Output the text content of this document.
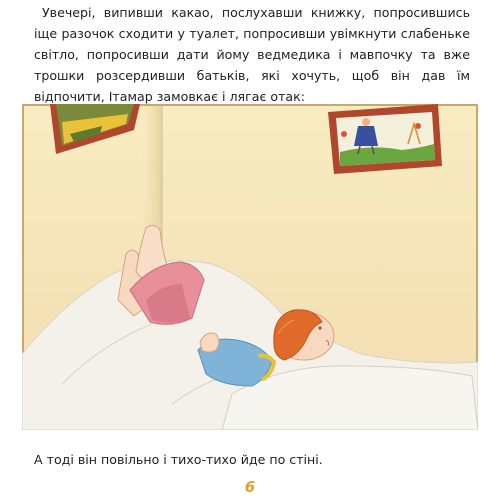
Увечері, випивши какао, послухавши книжку, попросившись іще разочок сходити у туалет, попросивши увімкнути слабеньке світло, попросивши дати йому ведмедика і мавпочку та вже трошки розсердивши батьків, які хочуть, щоб він дав їм відпочити, Ітамар замовкає і лягає отак:

А тоді він повільно і тихо-тихо йде по стіні.

6
